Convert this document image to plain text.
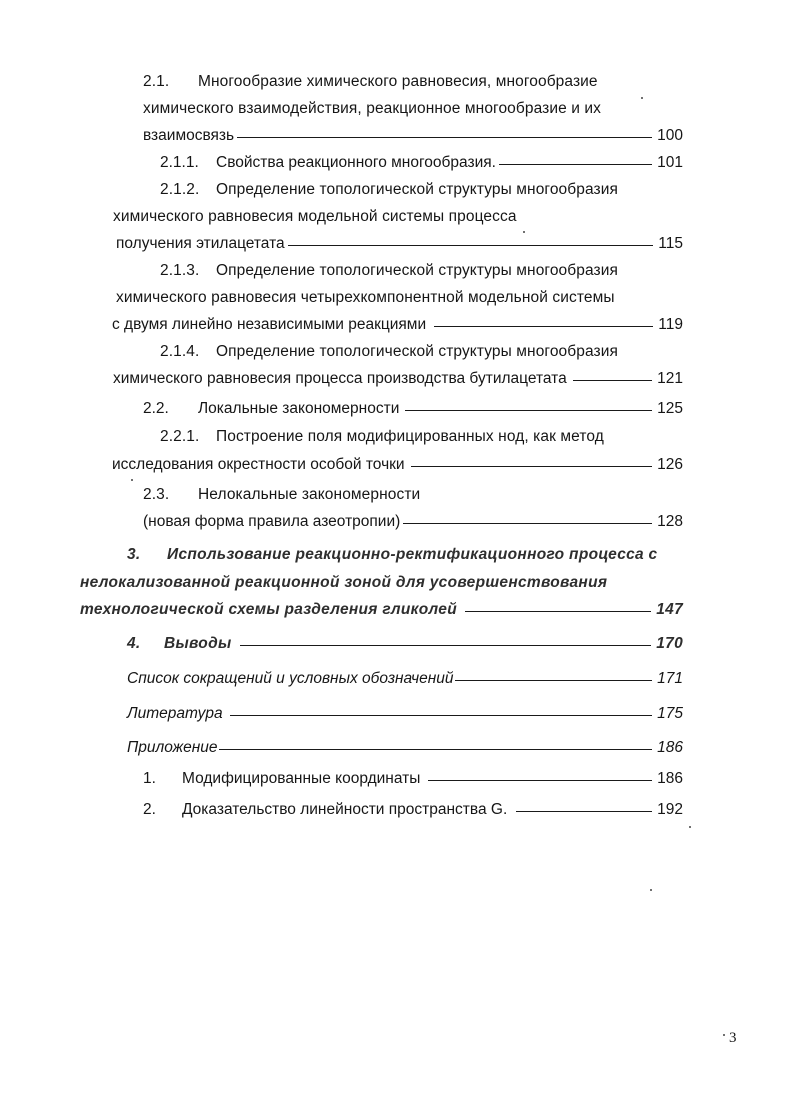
2.1. Многообразие химического равновесия, многообразие
химического взаимодействия, реакционное многообразие и их
взаимосвязь	100
2.1.1.	Свойства реакционного многообразия.	101
2.1.2. Определение топологической структуры многообразия
химического равновесия модельной системы процесса
получения этилацетата	115
2.1.3. Определение топологической структуры многообразия
химического равновесия четырехкомпонентной модельной системы
с двумя линейно независимыми реакциями	119
2.1.4. Определение топологической структуры многообразия
химического равновесия процесса производства бутилацетата	121
2.2.	Локальные закономерности	125
2.2.1. Построение поля модифицированных нод, как метод
исследования окрестности особой точки	126
2.3. Нелокальные закономерности
(новая форма правила азеотропии)	128
3. Использование реакционно-ректификационного процесса с
нелокализованной реакционной зоной для усовершенствования
технологической схемы разделения гликолей	147
4.	Выводы	170
Список сокращений и условных обозначений	171
Литература	175
Приложение	186
1.	Модифицированные координаты	186
2.	Доказательство линейности пространства G.	192
3
